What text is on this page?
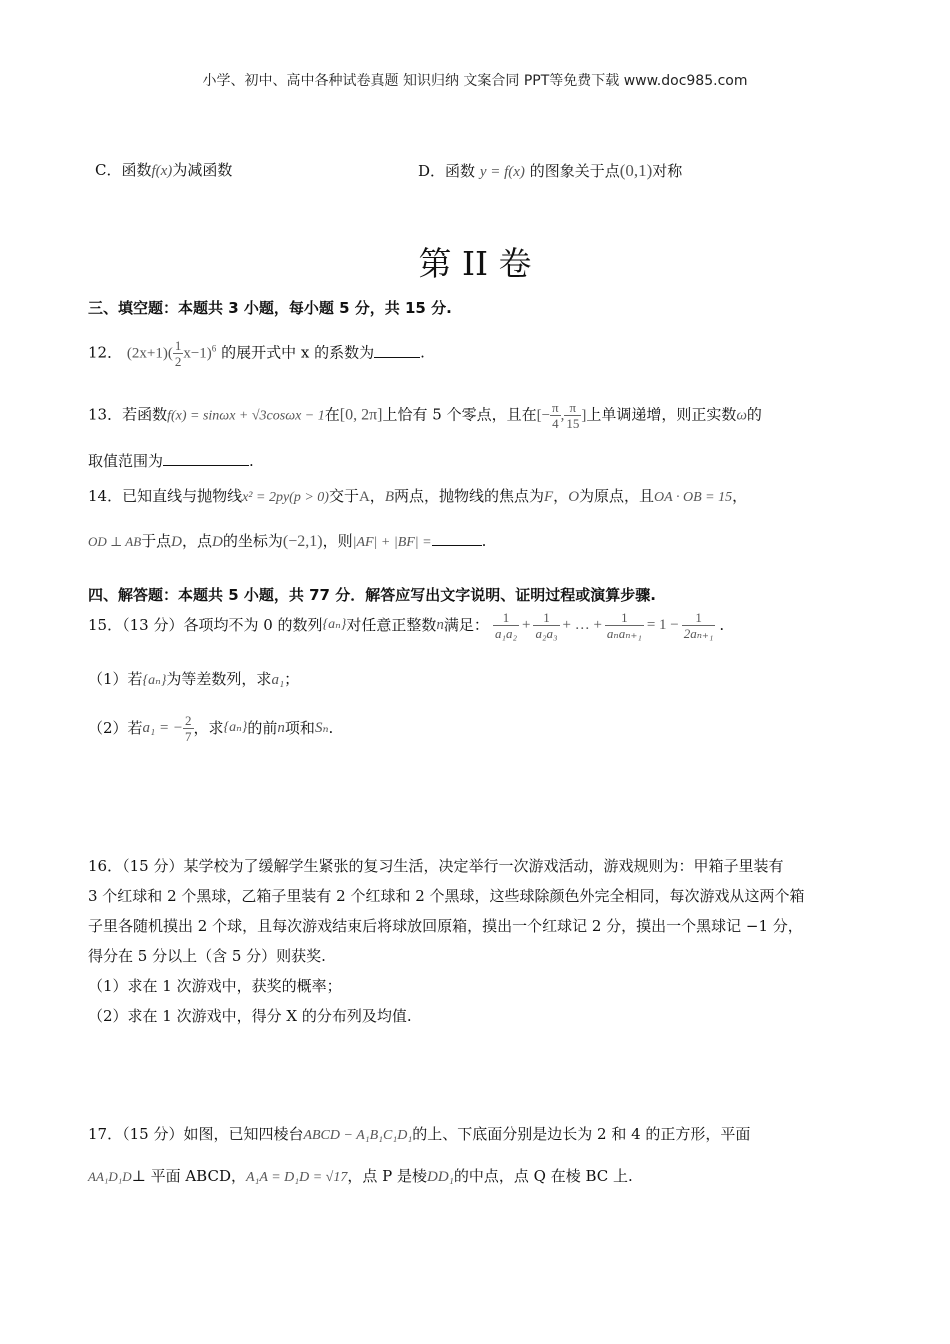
小学、初中、高中各种试卷真题 知识归纳 文案合同 PPT等免费下载 www.doc985.com
C．函数f(x)为减函数	D．函数 y = f(x) 的图象关于点(0,1)对称
第 II 卷
三、填空题：本题共 3 小题，每小题 5 分，共 15 分.
12． $(2x+1)( \frac{1}{2} x-1)^6$ 的展开式中 x 的系数为	.
13．若函数f(x) = sinωx + √3cosωx − 1在[0, 2π]上恰有 5 个零点，且在[− $\frac{\pi}{4}$ , $\frac{\pi}{15}$ ]上单调递增，则正实数ω的
取值范围为	.
14．已知直线与抛物线x² = 2py(p > 0)交于A，B两点，抛物线的焦点为F，O为原点，且OA · OB = 15，
OD ⊥ AB于点D，点D的坐标为(−2,1)，则|AF| + |BF| =	.
四、解答题：本题共 5 小题，共 77 分．解答应写出文字说明、证明过程或演算步骤.
15．（13 分）各项均不为 0 的数列 {aₙ} 对任意正整数 n 满足： $\frac{1}{\text{a₁a₂}} + \frac{1}{\text{a₂a₃}}$ + … + $\frac{1}{\text{aₙaₙ₊₁}} = 1 - \frac{1}{\text{2aₙ₊₁}}$ .
（1）若{aₙ}为等差数列，求a₁；
（2）若 a₁ = − $\frac{2}{7}$ ，求 {aₙ} 的前 n 项和 Sₙ .
16．（15 分）某学校为了缓解学生紧张的复习生活，决定举行一次游戏活动，游戏规则为：甲箱子里装有
3 个红球和 2 个黑球，乙箱子里装有 2 个红球和 2 个黑球，这些球除颜色外完全相同，每次游戏从这两个箱
子里各随机摸出 2 个球，且每次游戏结束后将球放回原箱，摸出一个红球记 2 分，摸出一个黑球记 −1 分，
得分在 5 分以上（含 5 分）则获奖.
（1）求在 1 次游戏中，获奖的概率；
（2）求在 1 次游戏中，得分 X 的分布列及均值.
17．（15 分）如图，已知四棱台ABCD − A₁B₁C₁D₁的上、下底面分别是边长为 2 和 4 的正方形，平面
AA₁D₁D⊥ 平面 ABCD，A₁A = D₁D = √17，点 P 是棱DD₁的中点，点 Q 在棱 BC 上.
